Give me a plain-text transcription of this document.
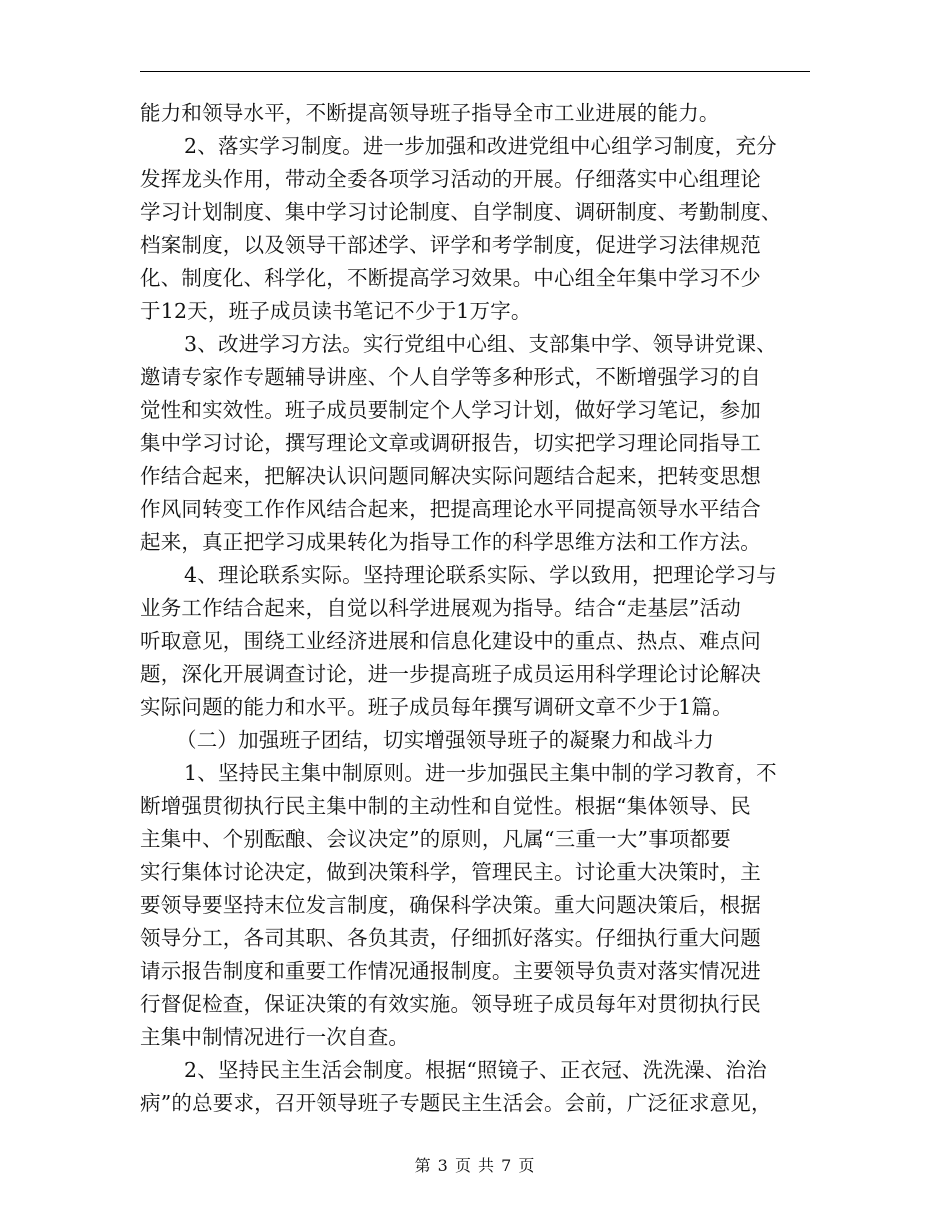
能力和领导水平，不断提高领导班子指导全市工业进展的能力。
2、落实学习制度。进一步加强和改进党组中心组学习制度，充分
发挥龙头作用，带动全委各项学习活动的开展。仔细落实中心组理论
学习计划制度、集中学习讨论制度、自学制度、调研制度、考勤制度、
档案制度，以及领导干部述学、评学和考学制度，促进学习法律规范
化、制度化、科学化，不断提高学习效果。中心组全年集中学习不少
于12天，班子成员读书笔记不少于1万字。
3、改进学习方法。实行党组中心组、支部集中学、领导讲党课、
邀请专家作专题辅导讲座、个人自学等多种形式，不断增强学习的自
觉性和实效性。班子成员要制定个人学习计划，做好学习笔记，参加
集中学习讨论，撰写理论文章或调研报告，切实把学习理论同指导工
作结合起来，把解决认识问题同解决实际问题结合起来，把转变思想
作风同转变工作作风结合起来，把提高理论水平同提高领导水平结合
起来，真正把学习成果转化为指导工作的科学思维方法和工作方法。
4、理论联系实际。坚持理论联系实际、学以致用，把理论学习与
业务工作结合起来，自觉以科学进展观为指导。结合“走基层”活动
听取意见，围绕工业经济进展和信息化建设中的重点、热点、难点问
题，深化开展调查讨论，进一步提高班子成员运用科学理论讨论解决
实际问题的能力和水平。班子成员每年撰写调研文章不少于1篇。
（二）加强班子团结，切实增强领导班子的凝聚力和战斗力
1、坚持民主集中制原则。进一步加强民主集中制的学习教育，不
断增强贯彻执行民主集中制的主动性和自觉性。根据“集体领导、民
主集中、个别酝酿、会议决定”的原则，凡属“三重一大”事项都要
实行集体讨论决定，做到决策科学，管理民主。讨论重大决策时，主
要领导要坚持末位发言制度，确保科学决策。重大问题决策后，根据
领导分工，各司其职、各负其责，仔细抓好落实。仔细执行重大问题
请示报告制度和重要工作情况通报制度。主要领导负责对落实情况进
行督促检查，保证决策的有效实施。领导班子成员每年对贯彻执行民
主集中制情况进行一次自查。
2、坚持民主生活会制度。根据“照镜子、正衣冠、洗洗澡、治治
病”的总要求，召开领导班子专题民主生活会。会前，广泛征求意见，
第 3 页 共 7 页
